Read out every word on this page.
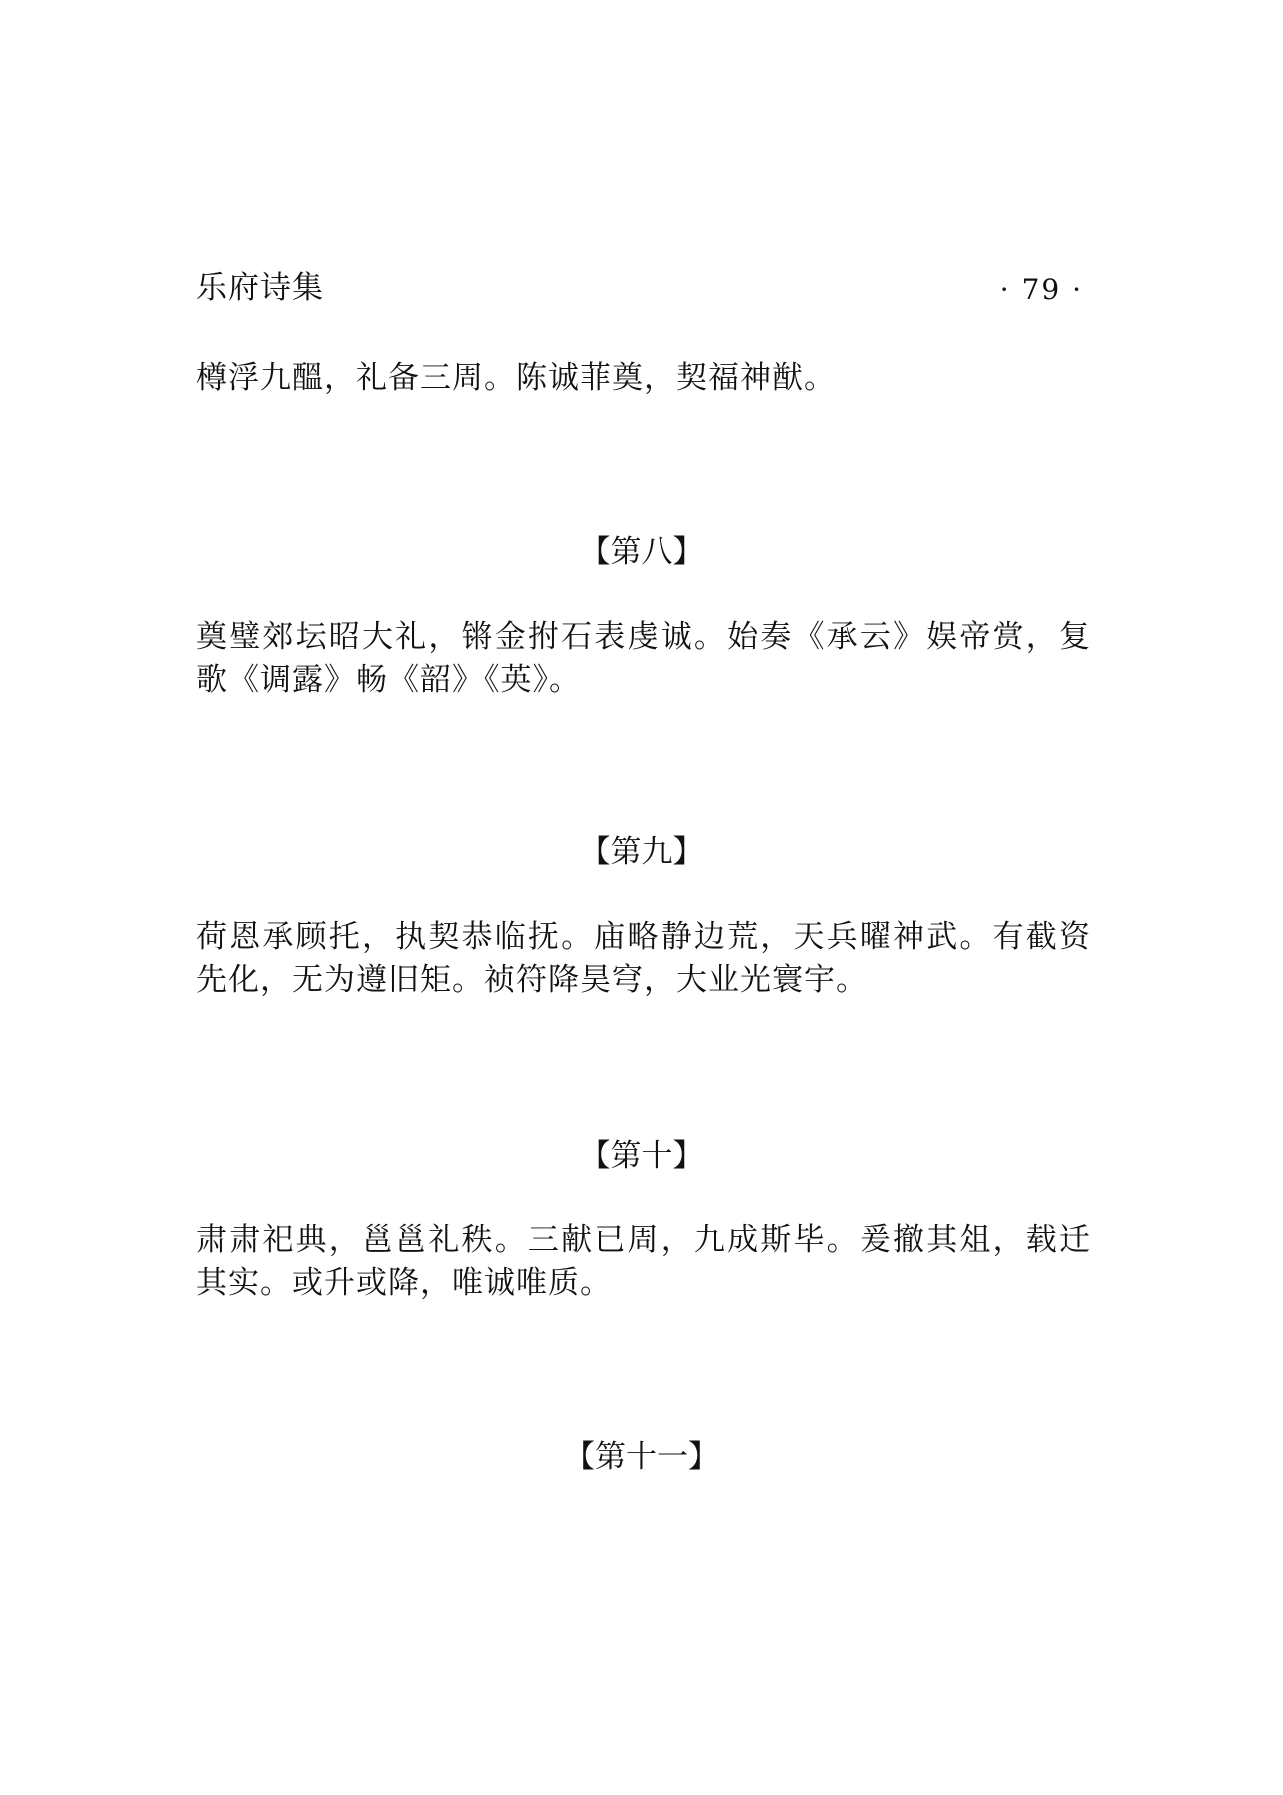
乐府诗集	· 79 ·
樽浮九醞，礼备三周。陈诚菲奠，契福神猷。
【第八】
奠璧郊坛昭大礼，锵金拊石表虔诚。始奏《承云》娱帝赏，复歌《调露》畅《韶》《英》。
【第九】
荷恩承顾托，执契恭临抚。庙略静边荒，天兵曜神武。有截资先化，无为遵旧矩。祯符降昊穹，大业光寰宇。
【第十】
肃肃祀典，邕邕礼秩。三献已周，九成斯毕。爰撤其俎，载迁其实。或升或降，唯诚唯质。
【第十一】
